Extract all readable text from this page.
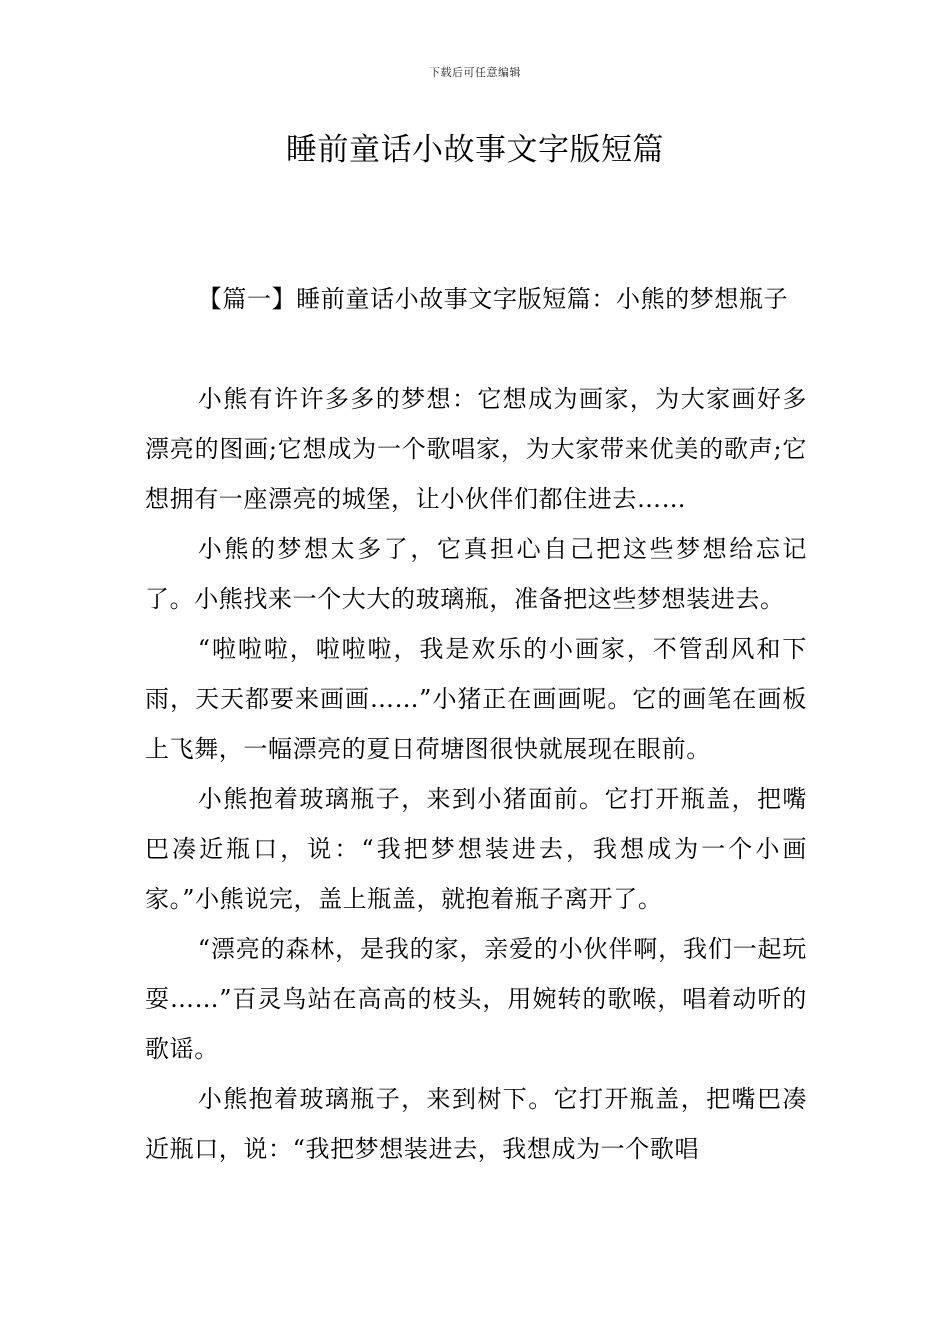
下载后可任意编辑
睡前童话小故事文字版短篇

【篇一】睡前童话小故事文字版短篇：小熊的梦想瓶子

小熊有许许多多的梦想：它想成为画家，为大家画好多漂亮的图画;它想成为一个歌唱家，为大家带来优美的歌声;它想拥有一座漂亮的城堡，让小伙伴们都住进去……

小熊的梦想太多了，它真担心自己把这些梦想给忘记了。小熊找来一个大大的玻璃瓶，准备把这些梦想装进去。

“啦啦啦，啦啦啦，我是欢乐的小画家，不管刮风和下雨，天天都要来画画……”小猪正在画画呢。它的画笔在画板上飞舞，一幅漂亮的夏日荷塘图很快就展现在眼前。

小熊抱着玻璃瓶子，来到小猪面前。它打开瓶盖，把嘴巴凑近瓶口，说：“我把梦想装进去，我想成为一个小画家。”小熊说完，盖上瓶盖，就抱着瓶子离开了。

“漂亮的森林，是我的家，亲爱的小伙伴啊，我们一起玩耍……”百灵鸟站在高高的枝头，用婉转的歌喉，唱着动听的歌谣。

小熊抱着玻璃瓶子，来到树下。它打开瓶盖，把嘴巴凑近瓶口，说：“我把梦想装进去，我想成为一个歌唱
